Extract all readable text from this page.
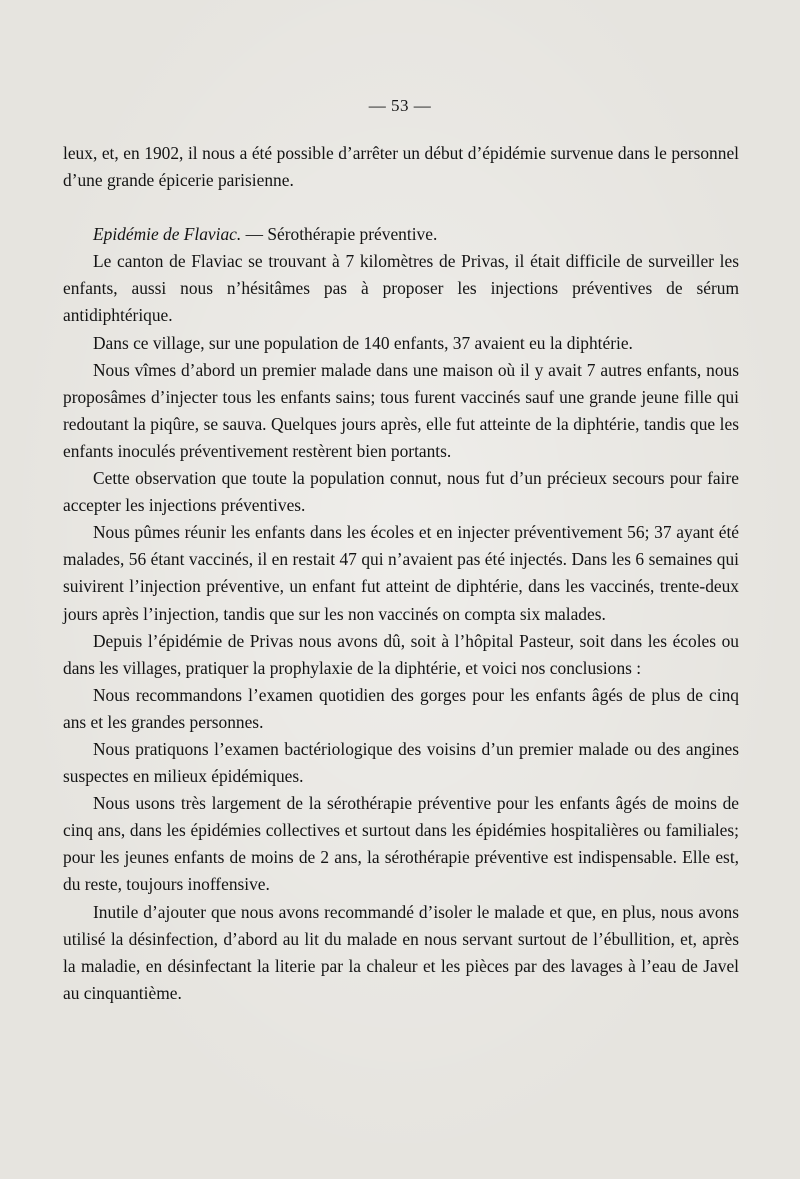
— 53 —

leux, et, en 1902, il nous a été possible d’arrêter un début d’épidémie survenue dans le personnel d’une grande épicerie parisienne.

Epidémie de Flaviac. — Sérothérapie préventive.

Le canton de Flaviac se trouvant à 7 kilomètres de Privas, il était difficile de surveiller les enfants, aussi nous n’hésitâmes pas à proposer les injections préventives de sérum antidiphtérique.

Dans ce village, sur une population de 140 enfants, 37 avaient eu la diphtérie.

Nous vîmes d’abord un premier malade dans une maison où il y avait 7 autres enfants, nous proposâmes d’injecter tous les enfants sains; tous furent vaccinés sauf une grande jeune fille qui redoutant la piqûre, se sauva. Quelques jours après, elle fut atteinte de la diphtérie, tandis que les enfants inoculés préventivement restèrent bien portants.

Cette observation que toute la population connut, nous fut d’un précieux secours pour faire accepter les injections préventives.

Nous pûmes réunir les enfants dans les écoles et en injecter préventivement 56; 37 ayant été malades, 56 étant vaccinés, il en restait 47 qui n’avaient pas été injectés. Dans les 6 semaines qui suivirent l’injection préventive, un enfant fut atteint de diphtérie, dans les vaccinés, trente-deux jours après l’injection, tandis que sur les non vaccinés on compta six malades.

Depuis l’épidémie de Privas nous avons dû, soit à l’hôpital Pasteur, soit dans les écoles ou dans les villages, pratiquer la prophylaxie de la diphtérie, et voici nos conclusions :

Nous recommandons l’examen quotidien des gorges pour les enfants âgés de plus de cinq ans et les grandes personnes.

Nous pratiquons l’examen bactériologique des voisins d’un premier malade ou des angines suspectes en milieux épidémiques.

Nous usons très largement de la sérothérapie préventive pour les enfants âgés de moins de cinq ans, dans les épidémies collectives et surtout dans les épidémies hospitalières ou familiales; pour les jeunes enfants de moins de 2 ans, la sérothérapie préventive est indispensable. Elle est, du reste, toujours inoffensive.

Inutile d’ajouter que nous avons recommandé d’isoler le malade et que, en plus, nous avons utilisé la désinfection, d’abord au lit du malade en nous servant surtout de l’ébullition, et, après la maladie, en désinfectant la literie par la chaleur et les pièces par des lavages à l’eau de Javel au cinquantième.
